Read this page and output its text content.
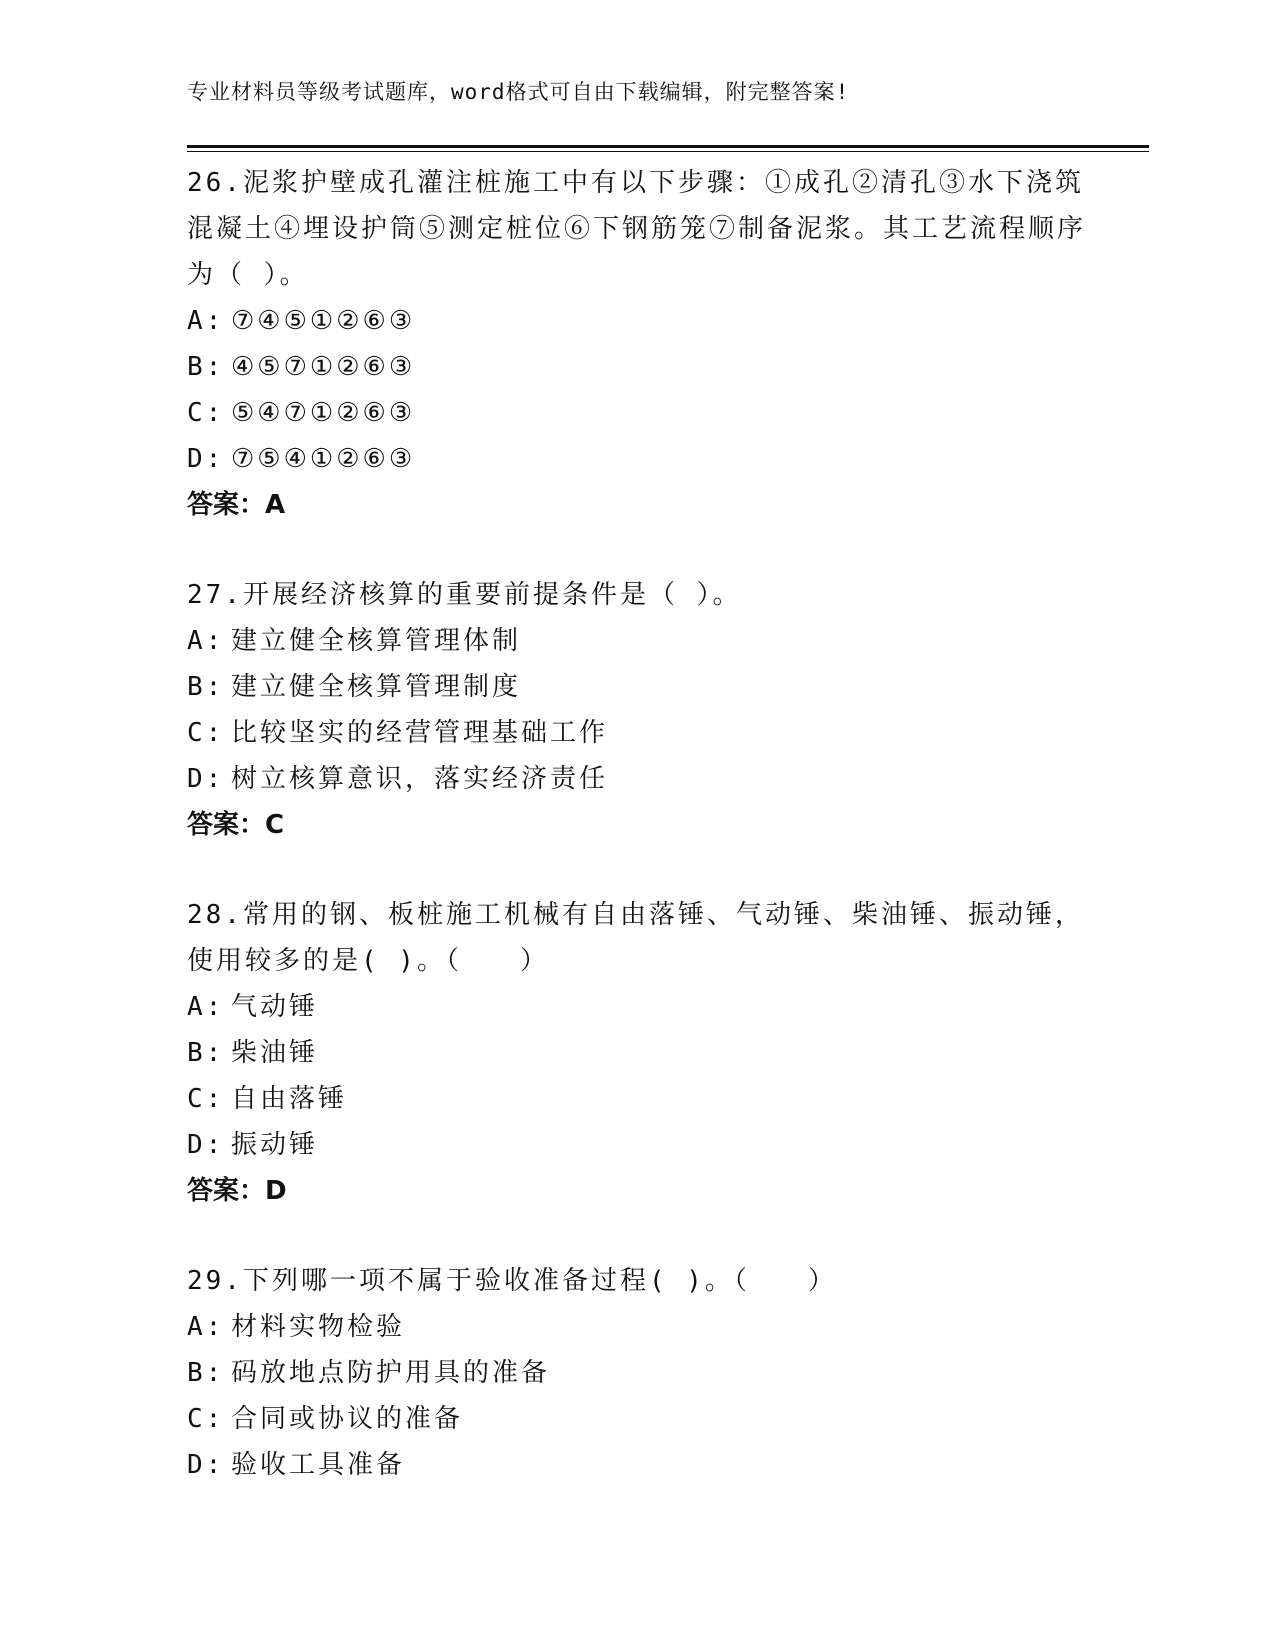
专业材料员等级考试题库，word格式可自由下载编辑，附完整答案!

26.泥浆护壁成孔灌注桩施工中有以下步骤：①成孔②清孔③水下浇筑混凝土④埋设护筒⑤测定桩位⑥下钢筋笼⑦制备泥浆。其工艺流程顺序为（ ）。

A: ⑦④⑤①②⑥③
B: ④⑤⑦①②⑥③
C: ⑤④⑦①②⑥③
D: ⑦⑤④①②⑥③

答案：A

27.开展经济核算的重要前提条件是（ ）。

A: 建立健全核算管理体制
B: 建立健全核算管理制度
C: 比较坚实的经营管理基础工作
D: 树立核算意识，落实经济责任

答案：C

28.常用的钢、板桩施工机械有自由落锤、气动锤、柴油锤、振动锤，使用较多的是( )。（　　）

A: 气动锤
B: 柴油锤
C: 自由落锤
D: 振动锤

答案：D

29.下列哪一项不属于验收准备过程( )。（　　）

A: 材料实物检验
B: 码放地点防护用具的准备
C: 合同或协议的准备
D: 验收工具准备
